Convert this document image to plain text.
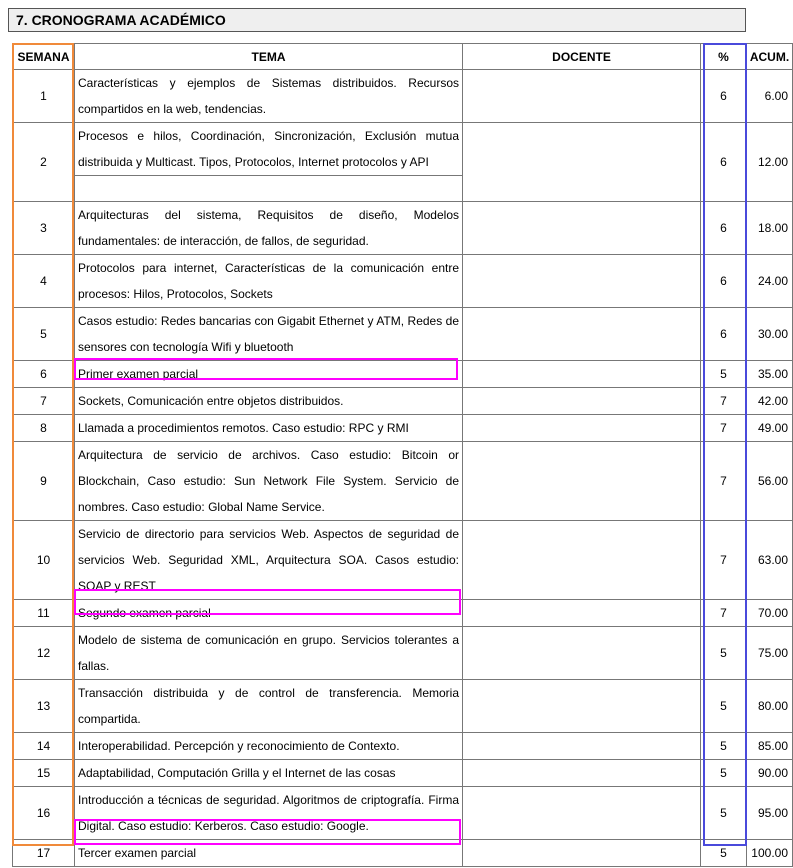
7. CRONOGRAMA ACADÉMICO
SEMANA	TEMA	DOCENTE	%	ACUM.
1	Características y ejemplos de Sistemas distribuidos. Recursos compartidos en la web, tendencias.		6	6.00
2	Procesos e hilos, Coordinación, Sincronización, Exclusión mutua distribuida y Multicast. Tipos, Protocolos, Internet protocolos y API		6	12.00
3	Arquitecturas del sistema, Requisitos de diseño, Modelos fundamentales: de interacción, de fallos, de seguridad.		6	18.00
4	Protocolos para internet, Características de la comunicación entre procesos: Hilos, Protocolos, Sockets		6	24.00
5	Casos estudio: Redes bancarias con Gigabit Ethernet y ATM, Redes de sensores con tecnología Wifi y bluetooth		6	30.00
6	Primer examen parcial		5	35.00
7	Sockets, Comunicación entre objetos distribuidos.		7	42.00
8	Llamada a procedimientos remotos. Caso estudio: RPC y RMI		7	49.00
9	Arquitectura de servicio de archivos. Caso estudio: Bitcoin or Blockchain, Caso estudio: Sun Network File System. Servicio de nombres. Caso estudio: Global Name Service.		7	56.00
10	Servicio de directorio para servicios Web. Aspectos de seguridad de servicios Web. Seguridad XML, Arquitectura SOA. Casos estudio: SOAP y REST		7	63.00
11	Segundo examen parcial		7	70.00
12	Modelo de sistema de comunicación en grupo. Servicios tolerantes a fallas.		5	75.00
13	Transacción distribuida y de control de transferencia. Memoria compartida.		5	80.00
14	Interoperabilidad. Percepción y reconocimiento de Contexto.		5	85.00
15	Adaptabilidad, Computación Grilla y el Internet de las cosas		5	90.00
16	Introducción a técnicas de seguridad. Algoritmos de criptografía. Firma Digital. Caso estudio: Kerberos. Caso estudio: Google.		5	95.00
17	Tercer examen parcial		5	100.00
